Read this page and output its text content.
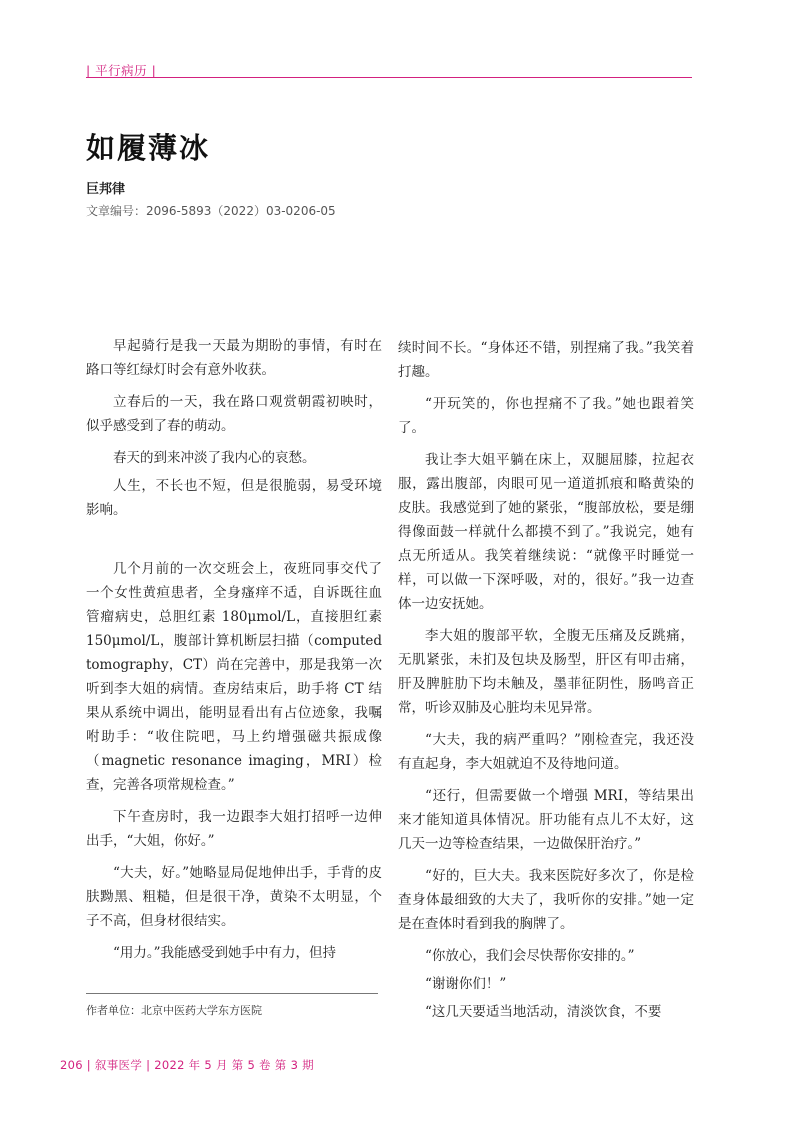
| 平行病历 |
如履薄冰
巨邦律
文章编号：2096-5893（2022）03-0206-05

早起骑行是我一天最为期盼的事情，有时在路口等红绿灯时会有意外收获。

立春后的一天，我在路口观赏朝霞初映时，似乎感受到了春的萌动。

春天的到来冲淡了我内心的哀愁。

人生，不长也不短，但是很脆弱，易受环境影响。

几个月前的一次交班会上，夜班同事交代了一个女性黄疸患者，全身瘙痒不适，自诉既往血管瘤病史，总胆红素 180μmol/L，直接胆红素 150μmol/L，腹部计算机断层扫描（computed tomography，CT）尚在完善中，那是我第一次听到李大姐的病情。查房结束后，助手将 CT 结果从系统中调出，能明显看出有占位迹象，我嘱咐助手：“收住院吧，马上约增强磁共振成像（magnetic resonance imaging，MRI）检查，完善各项常规检查。”

下午查房时，我一边跟李大姐打招呼一边伸出手，“大姐，你好。”

“大夫，好。”她略显局促地伸出手，手背的皮肤黝黑、粗糙，但是很干净，黄染不太明显，个子不高，但身材很结实。

“用力。”我能感受到她手中有力，但持

续时间不长。“身体还不错，别捏痛了我。”我笑着打趣。

“开玩笑的，你也捏痛不了我。”她也跟着笑了。

我让李大姐平躺在床上，双腿屈膝，拉起衣服，露出腹部，肉眼可见一道道抓痕和略黄染的皮肤。我感觉到了她的紧张，“腹部放松，要是绷得像面鼓一样就什么都摸不到了。”我说完，她有点无所适从。我笑着继续说：“就像平时睡觉一样，可以做一下深呼吸，对的，很好。”我一边查体一边安抚她。

李大姐的腹部平软，全腹无压痛及反跳痛，无肌紧张，未扪及包块及肠型，肝区有叩击痛，肝及脾脏肋下均未触及，墨菲征阴性，肠鸣音正常，听诊双肺及心脏均未见异常。

“大夫，我的病严重吗？”刚检查完，我还没有直起身，李大姐就迫不及待地问道。

“还行，但需要做一个增强 MRI，等结果出来才能知道具体情况。肝功能有点儿不太好，这几天一边等检查结果，一边做保肝治疗。”

“好的，巨大夫。我来医院好多次了，你是检查身体最细致的大夫了，我听你的安排。”她一定是在查体时看到我的胸牌了。

“你放心，我们会尽快帮你安排的。”

“谢谢你们！”

“这几天要适当地活动，清淡饮食，不要

作者单位：北京中医药大学东方医院
206 | 叙事医学 | 2022 年 5 月 第 5 卷 第 3 期
